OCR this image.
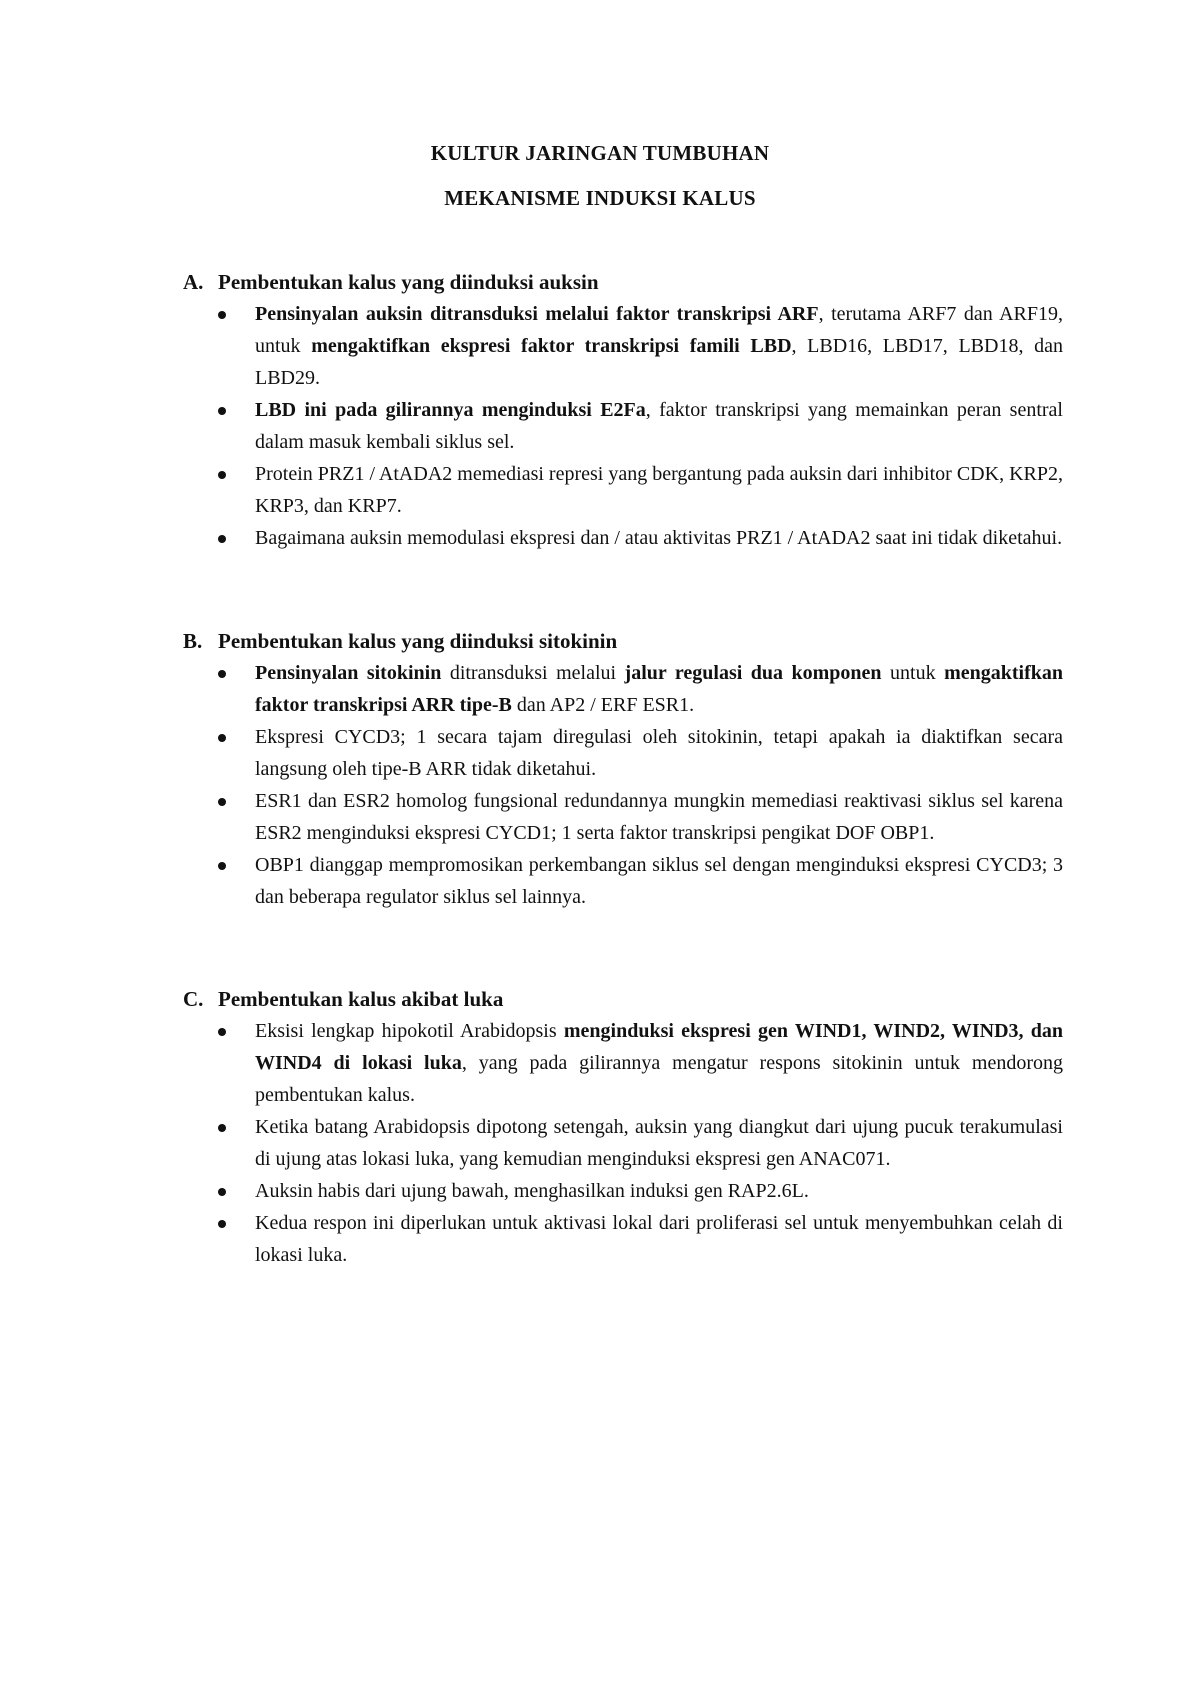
KULTUR JARINGAN TUMBUHAN
MEKANISME INDUKSI KALUS
A. Pembentukan kalus yang diinduksi auksin
Pensinyalan auksin ditransduksi melalui faktor transkripsi ARF, terutama ARF7 dan ARF19, untuk mengaktifkan ekspresi faktor transkripsi famili LBD, LBD16, LBD17, LBD18, dan LBD29.
LBD ini pada gilirannya menginduksi E2Fa, faktor transkripsi yang memainkan peran sentral dalam masuk kembali siklus sel.
Protein PRZ1 / AtADA2 memediasi represi yang bergantung pada auksin dari inhibitor CDK, KRP2, KRP3, dan KRP7.
Bagaimana auksin memodulasi ekspresi dan / atau aktivitas PRZ1 / AtADA2 saat ini tidak diketahui.
B. Pembentukan kalus yang diinduksi sitokinin
Pensinyalan sitokinin ditransduksi melalui jalur regulasi dua komponen untuk mengaktifkan faktor transkripsi ARR tipe-B dan AP2 / ERF ESR1.
Ekspresi CYCD3; 1 secara tajam diregulasi oleh sitokinin, tetapi apakah ia diaktifkan secara langsung oleh tipe-B ARR tidak diketahui.
ESR1 dan ESR2 homolog fungsional redundannya mungkin memediasi reaktivasi siklus sel karena ESR2 menginduksi ekspresi CYCD1; 1 serta faktor transkripsi pengikat DOF OBP1.
OBP1 dianggap mempromosikan perkembangan siklus sel dengan menginduksi ekspresi CYCD3; 3 dan beberapa regulator siklus sel lainnya.
C. Pembentukan kalus akibat luka
Eksisi lengkap hipokotil Arabidopsis menginduksi ekspresi gen WIND1, WIND2, WIND3, dan WIND4 di lokasi luka, yang pada gilirannya mengatur respons sitokinin untuk mendorong pembentukan kalus.
Ketika batang Arabidopsis dipotong setengah, auksin yang diangkut dari ujung pucuk terakumulasi di ujung atas lokasi luka, yang kemudian menginduksi ekspresi gen ANAC071.
Auksin habis dari ujung bawah, menghasilkan induksi gen RAP2.6L.
Kedua respon ini diperlukan untuk aktivasi lokal dari proliferasi sel untuk menyembuhkan celah di lokasi luka.
